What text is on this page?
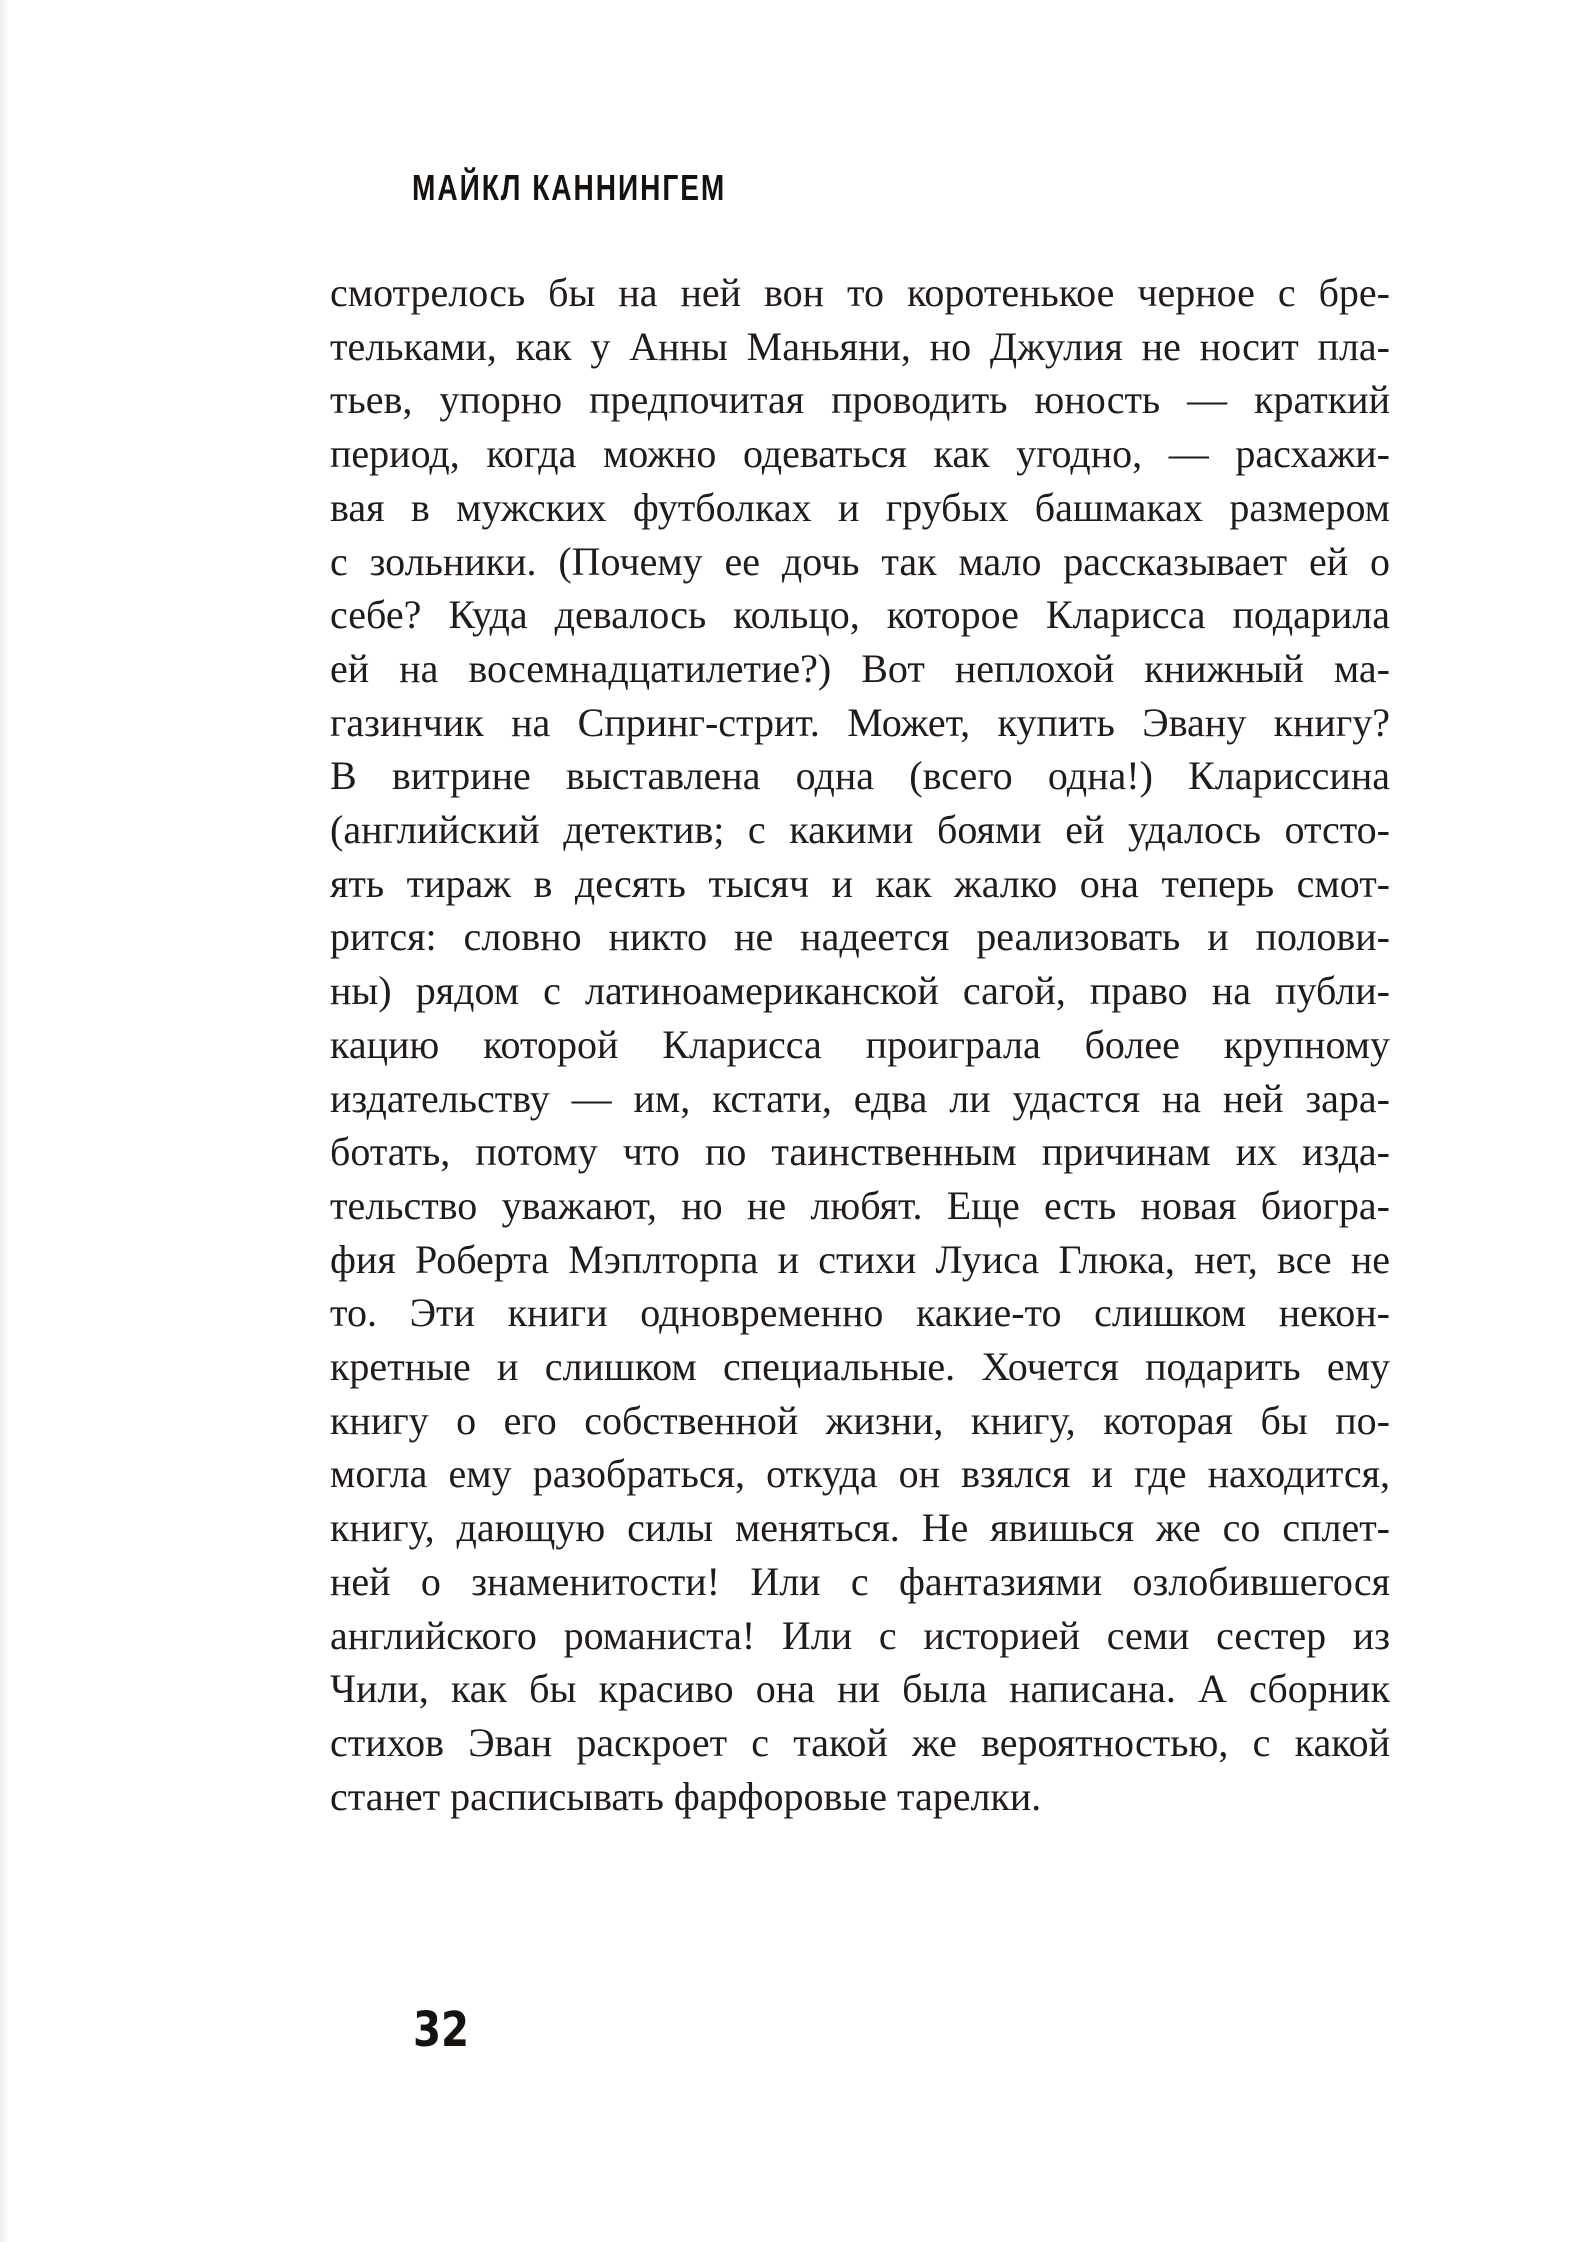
МАЙКЛ КАННИНГЕМ
смотрелось бы на ней вон то коротенькое черное с бре-
тельками, как у Анны Маньяни, но Джулия не носит пла-
тьев, упорно предпочитая проводить юность — краткий
период, когда можно одеваться как угодно, — расхажи-
вая в мужских футболках и грубых башмаках размером
с зольники. (Почему ее дочь так мало рассказывает ей о
себе? Куда девалось кольцо, которое Кларисса подарила
ей на восемнадцатилетие?) Вот неплохой книжный ма-
газинчик на Спринг-стрит. Может, купить Эвану книгу?
В витрине выставлена одна (всего одна!) Клариссина
(английский детектив; с какими боями ей удалось отсто-
ять тираж в десять тысяч и как жалко она теперь смот-
рится: словно никто не надеется реализовать и полови-
ны) рядом с латиноамериканской сагой, право на публи-
кацию которой Кларисса проиграла более крупному
издательству — им, кстати, едва ли удастся на ней зара-
ботать, потому что по таинственным причинам их изда-
тельство уважают, но не любят. Еще есть новая биогра-
фия Роберта Мэплторпа и стихи Луиса Глюка, нет, все не
то. Эти книги одновременно какие-то слишком некон-
кретные и слишком специальные. Хочется подарить ему
книгу о его собственной жизни, книгу, которая бы по-
могла ему разобраться, откуда он взялся и где находится,
книгу, дающую силы меняться. Не явишься же со сплет-
ней о знаменитости! Или с фантазиями озлобившегося
английского романиста! Или с историей семи сестер из
Чили, как бы красиво она ни была написана. А сборник
стихов Эван раскроет с такой же вероятностью, с какой
станет расписывать фарфоровые тарелки.
32
